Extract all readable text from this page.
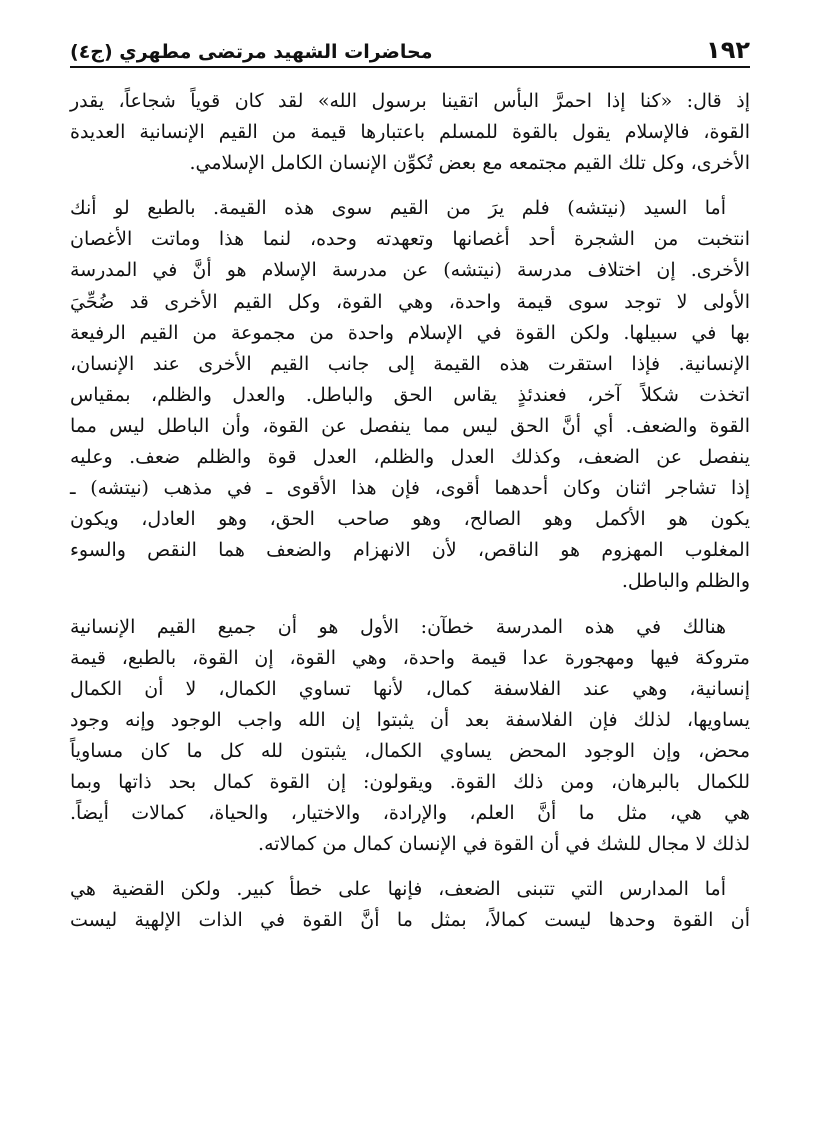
١٩٢
محاضرات الشهيد مرتضى مطهري (ج٤)

إذ قال: «كنا إذا احمرَّ البأس اتقينا برسول الله» لقد كان قوياً شجاعاً، يقدر
القوة، فالإسلام يقول بالقوة للمسلم باعتبارها قيمة من القيم الإنسانية العديدة
الأخرى، وكل تلك القيم مجتمعه مع بعض تُكوِّن الإنسان الكامل الإسلامي.

أما السيد (نيتشه) فلم يرَ من القيم سوى هذه القيمة. بالطبع لو أنك
انتخبت من الشجرة أحد أغصانها وتعهدته وحده، لنما هذا وماتت الأغصان
الأخرى. إن اختلاف مدرسة (نيتشه) عن مدرسة الإسلام هو أنَّ في المدرسة
الأولى لا توجد سوى قيمة واحدة، وهي القوة، وكل القيم الأخرى قد ضُحِّيَ
بها في سبيلها. ولكن القوة في الإسلام واحدة من مجموعة من القيم الرفيعة
الإنسانية. فإذا استقرت هذه القيمة إلى جانب القيم الأخرى عند الإنسان،
اتخذت شكلاً آخر، فعندئذٍ يقاس الحق والباطل. والعدل والظلم، بمقياس
القوة والضعف. أي أنَّ الحق ليس مما ينفصل عن القوة، وأن الباطل ليس مما
ينفصل عن الضعف، وكذلك العدل والظلم، العدل قوة والظلم ضعف. وعليه
إذا تشاجر اثنان وكان أحدهما أقوى، فإن هذا الأقوى ـ في مذهب (نيتشه) ـ
يكون هو الأكمل وهو الصالح، وهو صاحب الحق، وهو العادل، ويكون
المغلوب المهزوم هو الناقص، لأن الانهزام والضعف هما النقص والسوء
والظلم والباطل.

هنالك في هذه المدرسة خطآن: الأول هو أن جميع القيم الإنسانية
متروكة فيها ومهجورة عدا قيمة واحدة، وهي القوة، إن القوة، بالطبع، قيمة
إنسانية، وهي عند الفلاسفة كمال، لأنها تساوي الكمال، لا أن الكمال
يساويها، لذلك فإن الفلاسفة بعد أن يثبتوا إن الله واجب الوجود وإنه وجود
محض، وإن الوجود المحض يساوي الكمال، يثبتون لله كل ما كان مساوياً
للكمال بالبرهان، ومن ذلك القوة. ويقولون: إن القوة كمال بحد ذاتها وبما
هي هي، مثل ما أنَّ العلم، والإرادة، والاختيار، والحياة، كمالات أيضاً.
لذلك لا مجال للشك في أن القوة في الإنسان كمال من كمالاته.

أما المدارس التي تتبنى الضعف، فإنها على خطأ كبير. ولكن القضية هي
أن القوة وحدها ليست كمالاً، بمثل ما أنَّ القوة في الذات الإلهية ليست
